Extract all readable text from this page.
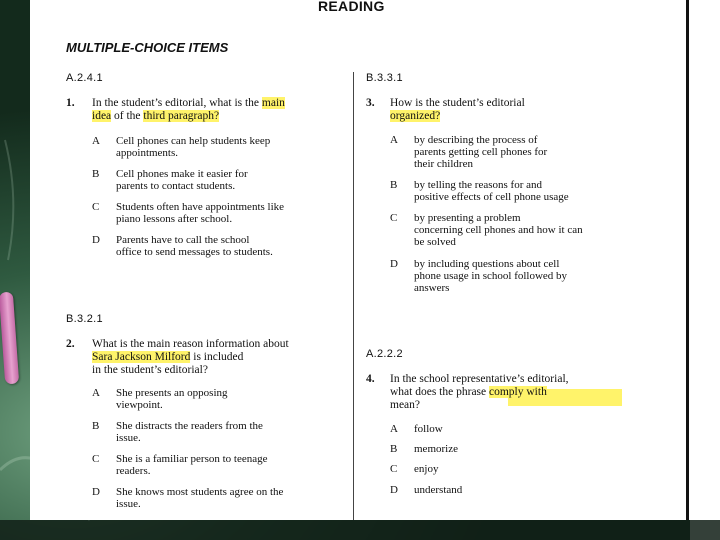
READING
MULTIPLE-CHOICE ITEMS
A.2.4.1
1. In the student’s editorial, what is the main
idea of the third paragraph?
A Cell phones can help students keep
appointments.
B Cell phones make it easier for
parents to contact students.
C Students often have appointments like
piano lessons after school.
D Parents have to call the school
office to send messages to students.
B.3.2.1
2. What is the main reason information about
Sara Jackson Milford is included
in the student’s editorial?
A She presents an opposing
viewpoint.
B She distracts the readers from the
issue.
C She is a familiar person to teenage
readers.
D She knows most students agree on the
issue.
B.3.3.1
3. How is the student’s editorial
organized?
A by describing the process of
parents getting cell phones for
their children
B by telling the reasons for and
positive effects of cell phone usage
C by presenting a problem
concerning cell phones and how it can
be solved
D by including questions about cell
phone usage in school followed by
answers
A.2.2.2
4. In the school representative’s editorial,
what does the phrase comply with
mean?
A follow
B memorize
C enjoy
D understand
